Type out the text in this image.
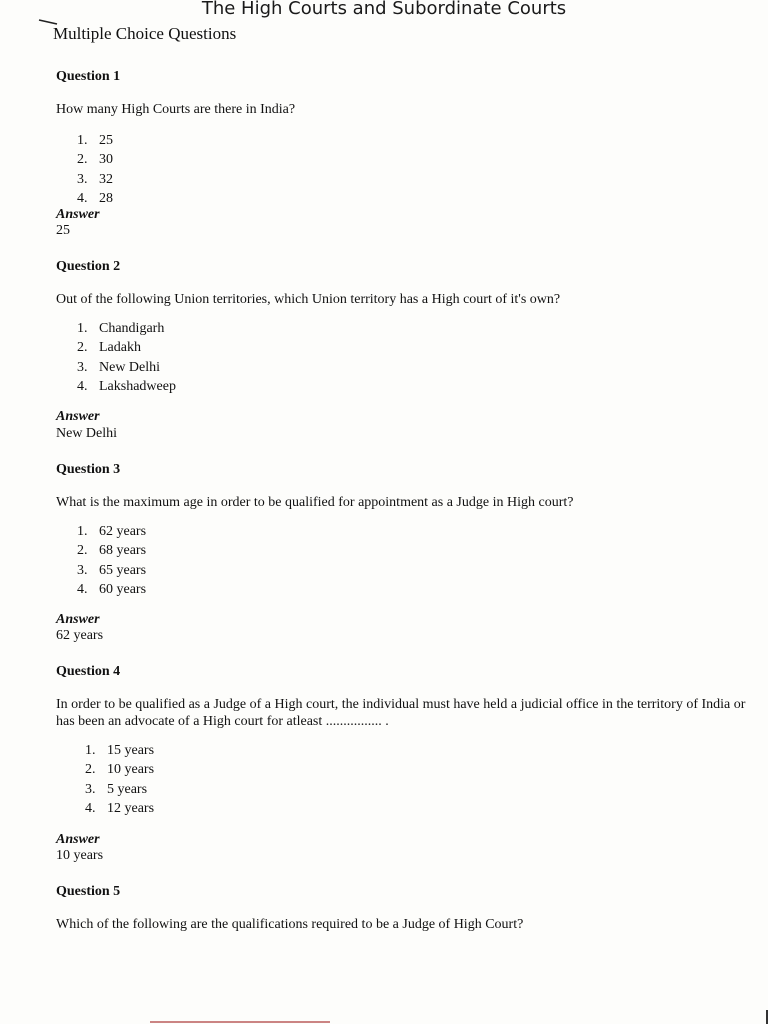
The High Courts and Subordinate Courts
Multiple Choice Questions
Question 1
How many High Courts are there in India?
1. 25
2. 30
3. 32
4. 28
Answer
25
Question 2
Out of the following Union territories, which Union territory has a High court of it's own?
1. Chandigarh
2. Ladakh
3. New Delhi
4. Lakshadweep
Answer
New Delhi
Question 3
What is the maximum age in order to be qualified for appointment as a Judge in High court?
1. 62 years
2. 68 years
3. 65 years
4. 60 years
Answer
62 years
Question 4
In order to be qualified as a Judge of a High court, the individual must have held a judicial office in the territory of India or has been an advocate of a High court for atleast ................ .
1. 15 years
2. 10 years
3. 5 years
4. 12 years
Answer
10 years
Question 5
Which of the following are the qualifications required to be a Judge of High Court?
